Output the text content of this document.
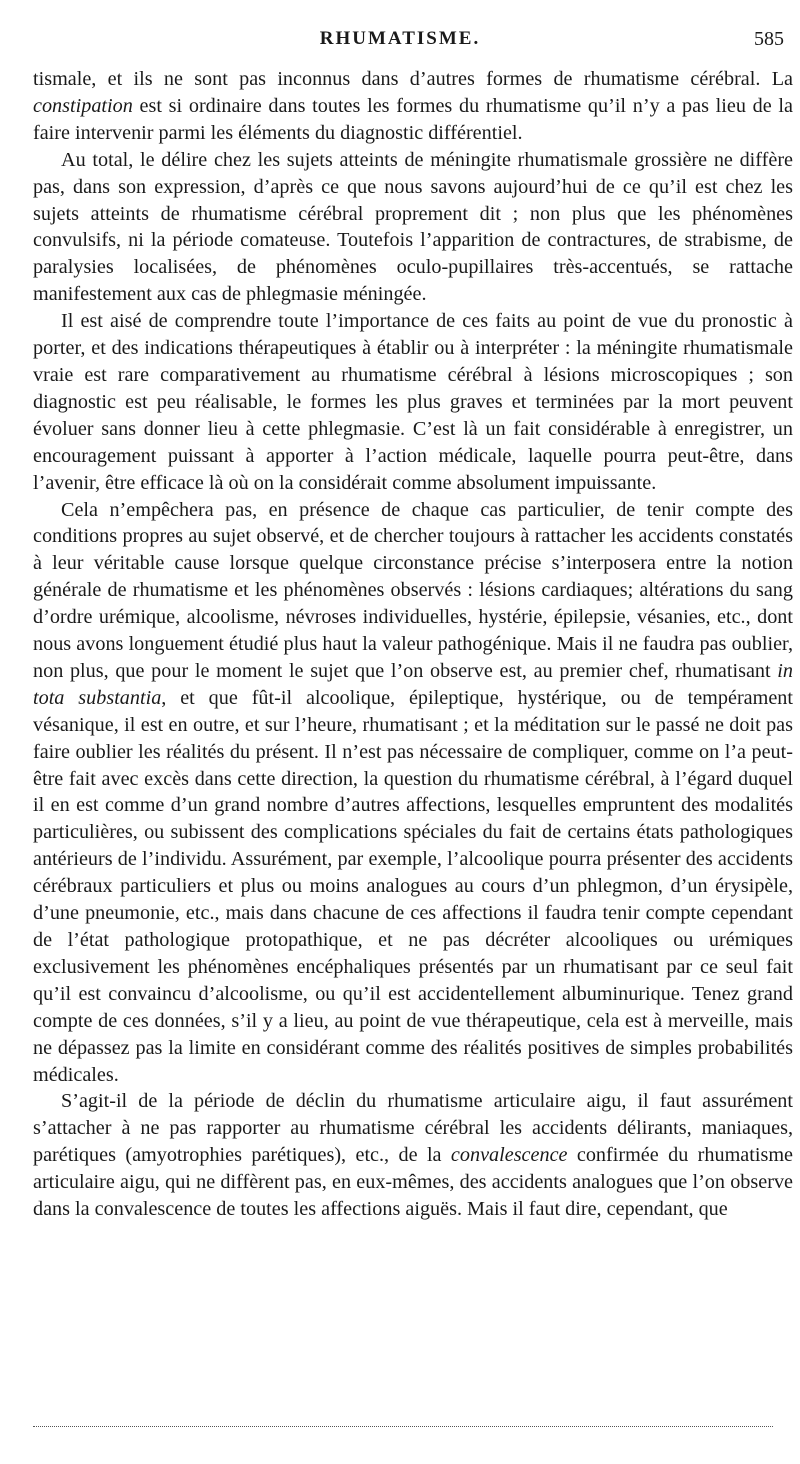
RHUMATISME.	585

tismale, et ils ne sont pas inconnus dans d’autres formes de rhumatisme cérébral. La constipation est si ordinaire dans toutes les formes du rhumatisme qu’il n’y a pas lieu de la faire intervenir parmi les éléments du diagnostic différentiel.

Au total, le délire chez les sujets atteints de méningite rhumatismale grossière ne diffère pas, dans son expression, d’après ce que nous savons aujourd’hui de ce qu’il est chez les sujets atteints de rhumatisme cérébral proprement dit ; non plus que les phénomènes convulsifs, ni la période comateuse. Toutefois l’apparition de contractures, de strabisme, de paralysies localisées, de phénomènes oculo-pupillaires très-accentués, se rattache manifestement aux cas de phlegmasie méningée.

Il est aisé de comprendre toute l’importance de ces faits au point de vue du pronostic à porter, et des indications thérapeutiques à établir ou à interpréter : la méningite rhumatismale vraie est rare comparativement au rhumatisme cérébral à lésions microscopiques ; son diagnostic est peu réalisable, le formes les plus graves et terminées par la mort peuvent évoluer sans donner lieu à cette phlegmasie. C’est là un fait considérable à enregistrer, un encouragement puissant à apporter à l’action médicale, laquelle pourra peut-être, dans l’avenir, être efficace là où on la considérait comme absolument impuissante.

Cela n’empêchera pas, en présence de chaque cas particulier, de tenir compte des conditions propres au sujet observé, et de chercher toujours à rattacher les accidents constatés à leur véritable cause lorsque quelque circonstance précise s’interposera entre la notion générale de rhumatisme et les phénomènes observés : lésions cardiaques; altérations du sang d’ordre urémique, alcoolisme, névroses individuelles, hystérie, épilepsie, vésanies, etc., dont nous avons longuement étudié plus haut la valeur pathogénique. Mais il ne faudra pas oublier, non plus, que pour le moment le sujet que l’on observe est, au premier chef, rhumatisant in tota substantia, et que fût-il alcoolique, épileptique, hystérique, ou de tempérament vésanique, il est en outre, et sur l’heure, rhumatisant ; et la méditation sur le passé ne doit pas faire oublier les réalités du présent. Il n’est pas nécessaire de compliquer, comme on l’a peut-être fait avec excès dans cette direction, la question du rhumatisme cérébral, à l’égard duquel il en est comme d’un grand nombre d’autres affections, lesquelles empruntent des modalités particulières, ou subissent des complications spéciales du fait de certains états pathologiques antérieurs de l’individu. Assurément, par exemple, l’alcoolique pourra présenter des accidents cérébraux particuliers et plus ou moins analogues au cours d’un phlegmon, d’un érysipèle, d’une pneumonie, etc., mais dans chacune de ces affections il faudra tenir compte cependant de l’état pathologique protopathique, et ne pas décréter alcooliques ou urémiques exclusivement les phénomènes encéphaliques présentés par un rhumatisant par ce seul fait qu’il est convaincu d’alcoolisme, ou qu’il est accidentellement albuminurique. Tenez grand compte de ces données, s’il y a lieu, au point de vue thérapeutique, cela est à merveille, mais ne dépassez pas la limite en considérant comme des réalités positives de simples probabilités médicales.

S’agit-il de la période de déclin du rhumatisme articulaire aigu, il faut assurément s’attacher à ne pas rapporter au rhumatisme cérébral les accidents délirants, maniaques, parétiques (amyotrophies parétiques), etc., de la convalescence confirmée du rhumatisme articulaire aigu, qui ne diffèrent pas, en eux-mêmes, des accidents analogues que l’on observe dans la convalescence de toutes les affections aiguës. Mais il faut dire, cependant, que
